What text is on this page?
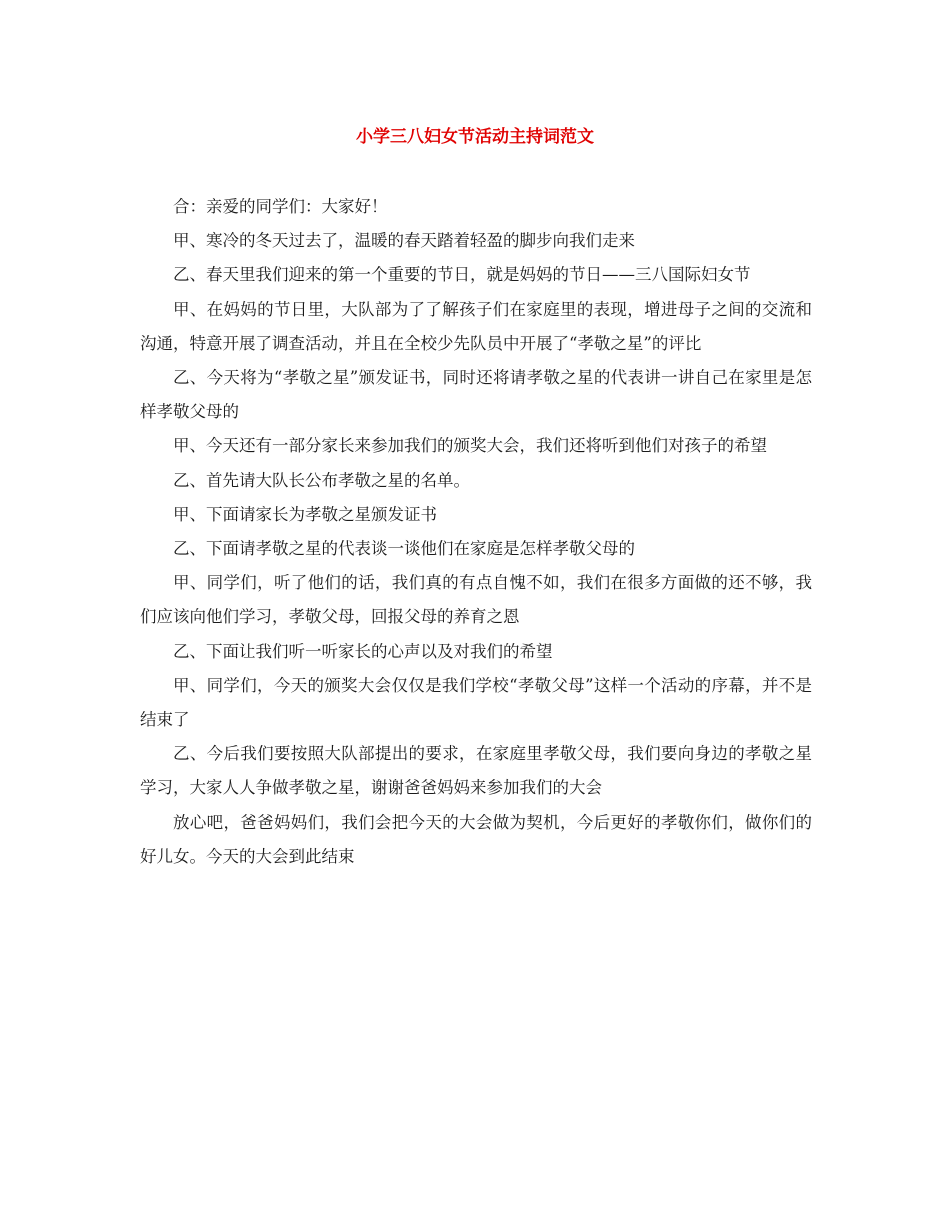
小学三八妇女节活动主持词范文

合：亲爱的同学们：大家好！

甲、寒冷的冬天过去了，温暖的春天踏着轻盈的脚步向我们走来

乙、春天里我们迎来的第一个重要的节日，就是妈妈的节日——三八国际妇女节

甲、在妈妈的节日里，大队部为了了解孩子们在家庭里的表现，增进母子之间的交流和沟通，特意开展了调查活动，并且在全校少先队员中开展了“孝敬之星”的评比

乙、今天将为“孝敬之星”颁发证书，同时还将请孝敬之星的代表讲一讲自己在家里是怎样孝敬父母的

甲、今天还有一部分家长来参加我们的颁奖大会，我们还将听到他们对孩子的希望

乙、首先请大队长公布孝敬之星的名单。

甲、下面请家长为孝敬之星颁发证书

乙、下面请孝敬之星的代表谈一谈他们在家庭是怎样孝敬父母的

甲、同学们，听了他们的话，我们真的有点自愧不如，我们在很多方面做的还不够，我们应该向他们学习，孝敬父母，回报父母的养育之恩

乙、下面让我们听一听家长的心声以及对我们的希望

甲、同学们，今天的颁奖大会仅仅是我们学校“孝敬父母”这样一个活动的序幕，并不是结束了

乙、今后我们要按照大队部提出的要求，在家庭里孝敬父母，我们要向身边的孝敬之星学习，大家人人争做孝敬之星，谢谢爸爸妈妈来参加我们的大会

放心吧，爸爸妈妈们，我们会把今天的大会做为契机，今后更好的孝敬你们，做你们的好儿女。今天的大会到此结束
